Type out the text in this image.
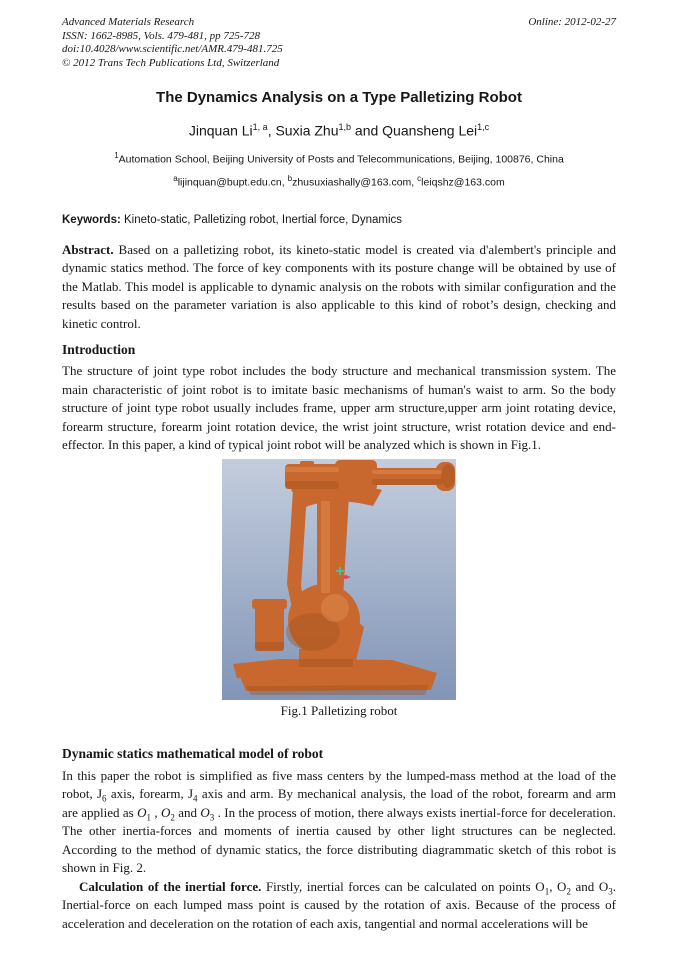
Advanced Materials Research
ISSN: 1662-8985, Vols. 479-481, pp 725-728
doi:10.4028/www.scientific.net/AMR.479-481.725
© 2012 Trans Tech Publications Ltd, Switzerland
Online: 2012-02-27
The Dynamics Analysis on a Type Palletizing Robot
Jinquan Li$^{1, a}$, Suxia Zhu$^{1,b}$ and Quansheng Lei$^{1,c}$
$^1$Automation School, Beijing University of Posts and Telecommunications, Beijing, 100876, China
$^a$lijinquan@bupt.edu.cn, $^b$zhusuxiashally@163.com, $^c$leiqshz@163.com
Keywords: Kineto-static, Palletizing robot, Inertial force, Dynamics
Abstract. Based on a palletizing robot, its kineto-static model is created via d'alembert's principle and dynamic statics method. The force of key components with its posture change will be obtained by use of the Matlab. This model is applicable to dynamic analysis on the robots with similar configuration and the results based on the parameter variation is also applicable to this kind of robot’s design, checking and kinetic control.
Introduction
The structure of joint type robot includes the body structure and mechanical transmission system. The main characteristic of joint robot is to imitate basic mechanisms of human's waist to arm. So the body structure of joint type robot usually includes frame, upper arm structure,upper arm joint rotating device, forearm structure, forearm joint rotation device, the wrist joint structure, wrist rotation device and end-effector. In this paper, a kind of typical joint robot will be analyzed which is shown in Fig.1.
Fig.1 Palletizing robot
Dynamic statics mathematical model of robot
In this paper the robot is simplified as five mass centers by the lumped-mass method at the load of the robot, $J_6$ axis, forearm, $J_4$ axis and arm. By mechanical analysis, the load of the robot, forearm and arm are applied as $O_1$ , $O_2$ and $O_3$ . In the process of motion, there always exists inertial-force for deceleration. The other inertia-forces and moments of inertia caused by other light structures can be neglected. According to the method of dynamic statics, the force distributing diagrammatic sketch of this robot is shown in Fig. 2.
Calculation of the inertial force. Firstly, inertial forces can be calculated on points $O_1$, $O_2$ and $O_3$. Inertial-force on each lumped mass point is caused by the rotation of axis. Because of the process of acceleration and deceleration on the rotation of each axis, tangential and normal accelerations will be
